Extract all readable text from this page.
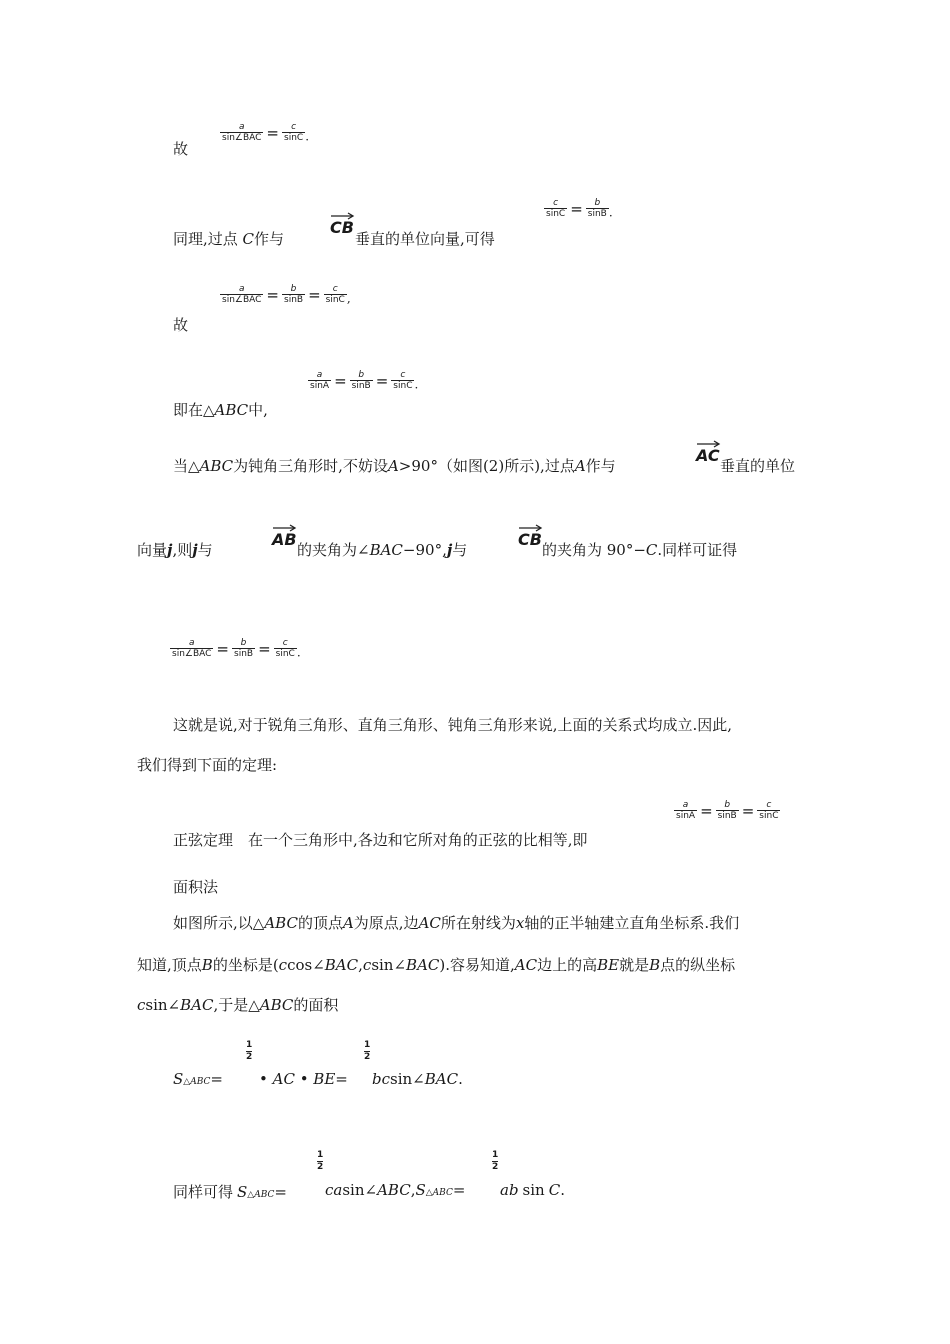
故
$\frac{a}{\text{sin∠BAC}} = \frac{c}{\sin C}$ .
同理,过点 C作与
CB
垂直的单位向量,可得
$\frac{c}{\sin C} = \frac{b}{\sin B}$ .
$\frac{a}{\text{sin∠BAC}} = \frac{b}{\sin B} = \frac{c}{\sin C}$ ,
故
$\frac{a}{\sin A} = \frac{b}{\sin B} = \frac{c}{\sin C}$ .
即在△ABC中,
当△ABC为钝角三角形时,不妨设A>90°（如图(2)所示),过点A作与
AC
垂直的单位
向量j,则j与
AB
的夹角为∠BAC−90°,j与
CB
的夹角为 90°−C.同样可证得
$\frac{a}{\text{sin∠BAC}} = \frac{b}{\sin B} = \frac{c}{\sin C}$ .
这就是说,对于锐角三角形、直角三角形、钝角三角形来说,上面的关系式均成立.因此,
我们得到下面的定理:
正弦定理　在一个三角形中,各边和它所对角的正弦的比相等,即
$\frac{a}{\sin A} = \frac{b}{\sin B} = \frac{c}{\sin C}$
面积法
如图所示,以△ABC的顶点A为原点,边AC所在射线为x轴的正半轴建立直角坐标系.我们
知道,顶点B的坐标是(ccos∠BAC,csin∠BAC).容易知道,AC边上的高BE就是B点的纵坐标
csin∠BAC,于是△ABC的面积
S△ABC=
1
2
• AC • BE=
1
2
bcsin∠BAC.
同样可得 S△ABC=
1
2
casin∠ABC,S△ABC=
1
2
ab sin C.
